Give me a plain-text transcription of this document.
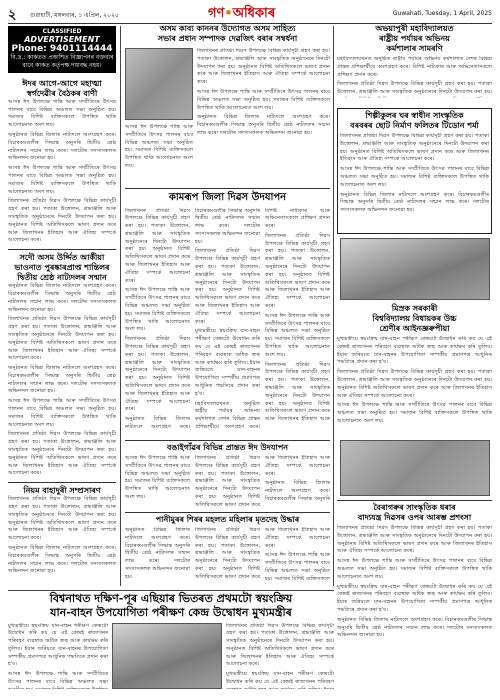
২ গুৱাহাটী, মঙ্গলবাৰ, ১ এপ্ৰিল, ২০২৫	গণ•অধিকাৰ	Guwahati, Tuesday, 1 April, 2025
CLASSIFIED
ADVERTISEMENT
Phone: 9401114444
বি.দ্ৰ.: কাকতত প্ৰকাশিত বিজ্ঞাপনৰ বক্তব্যৰ বাবে কাকত কৰ্তৃপক্ষ দায়বদ্ধ নহয়।
ঈদৰ আগে-আগে মহাত্মা স্বৰ্গদেৱীৰ বৈঠকৰ বাণী

আসন্ন ঈদ উপলক্ষে শান্তি আৰু সম্প্ৰীতিৰে উৎসৱ পালনৰ বাবে বিভিন্ন অঞ্চলত সভা অনুষ্ঠিত হয়। সমাজৰ বিশিষ্ট ব্যক্তিসকলে উপস্থিত থাকি আলোচনাত অংশ লয়।

অনুষ্ঠানত বিভিন্ন জিলাৰ নাট্যদলে অংশগ্ৰহণ কৰে। বিচাৰকমণ্ডলীৰ সিদ্ধান্ত অনুসৰি দ্বিতীয় শ্ৰেষ্ঠ নাট্যদলৰ সন্মান লাভ কৰে। দলটোৰ সদস্যসকলক অভিনন্দন জনোৱা হয়।

আসন্ন ঈদ উপলক্ষে শান্তি আৰু সম্প্ৰীতিৰে উৎসৱ পালনৰ বাবে বিভিন্ন অঞ্চলত সভা অনুষ্ঠিত হয়। সমাজৰ বিশিষ্ট ব্যক্তিসকলে উপস্থিত থাকি আলোচনাত অংশ লয়।

জিলাখনৰ প্ৰতিষ্ঠা দিৱস উপলক্ষে বিভিন্ন কাৰ্যসূচী গ্ৰহণ কৰা হয়। পতাকা উত্তোলন, শ্ৰদ্ধাঞ্জলি আৰু সাংস্কৃতিক অনুষ্ঠানেৰে দিনটো উদযাপন কৰা হয়। অনুষ্ঠানত বিশিষ্ট অতিথিসকলে ভাষণ প্ৰদান কৰে আৰু জিলাখনৰ ইতিহাস আৰু ঐতিহ্য সম্পৰ্কে আলোচনা কৰে।

সদৌ অসম উৰ্দ্দিত আৰ্কীয়া ভাওনাত পুৰষ্কাৰপ্ৰাপ্ত শান্তিলৰ দ্বিতীয় শ্ৰেষ্ঠ নাট্যদলৰ সন্মান

অনুষ্ঠানত বিভিন্ন জিলাৰ নাট্যদলে অংশগ্ৰহণ কৰে। বিচাৰকমণ্ডলীৰ সিদ্ধান্ত অনুসৰি দ্বিতীয় শ্ৰেষ্ঠ নাট্যদলৰ সন্মান লাভ কৰে। দলটোৰ সদস্যসকলক অভিনন্দন জনোৱা হয়।

জিলাখনৰ প্ৰতিষ্ঠা দিৱস উপলক্ষে বিভিন্ন কাৰ্যসূচী গ্ৰহণ কৰা হয়। পতাকা উত্তোলন, শ্ৰদ্ধাঞ্জলি আৰু সাংস্কৃতিক অনুষ্ঠানেৰে দিনটো উদযাপন কৰা হয়। অনুষ্ঠানত বিশিষ্ট অতিথিসকলে ভাষণ প্ৰদান কৰে আৰু জিলাখনৰ ইতিহাস আৰু ঐতিহ্য সম্পৰ্কে আলোচনা কৰে।

অনুষ্ঠানত বিভিন্ন জিলাৰ নাট্যদলে অংশগ্ৰহণ কৰে। বিচাৰকমণ্ডলীৰ সিদ্ধান্ত অনুসৰি দ্বিতীয় শ্ৰেষ্ঠ নাট্যদলৰ সন্মান লাভ কৰে। দলটোৰ সদস্যসকলক অভিনন্দন জনোৱা হয়।

আসন্ন ঈদ উপলক্ষে শান্তি আৰু সম্প্ৰীতিৰে উৎসৱ পালনৰ বাবে বিভিন্ন অঞ্চলত সভা অনুষ্ঠিত হয়। সমাজৰ বিশিষ্ট ব্যক্তিসকলে উপস্থিত থাকি আলোচনাত অংশ লয়।

জিলাখনৰ প্ৰতিষ্ঠা দিৱস উপলক্ষে বিভিন্ন কাৰ্যসূচী গ্ৰহণ কৰা হয়। পতাকা উত্তোলন, শ্ৰদ্ধাঞ্জলি আৰু সাংস্কৃতিক অনুষ্ঠানেৰে দিনটো উদযাপন কৰা হয়। অনুষ্ঠানত বিশিষ্ট অতিথিসকলে ভাষণ প্ৰদান কৰে আৰু জিলাখনৰ ইতিহাস আৰু ঐতিহ্য সম্পৰ্কে আলোচনা কৰে।

নিয়ম বাহাদুৰী সম্প্ৰসাৰণ

জিলাখনৰ প্ৰতিষ্ঠা দিৱস উপলক্ষে বিভিন্ন কাৰ্যসূচী গ্ৰহণ কৰা হয়। পতাকা উত্তোলন, শ্ৰদ্ধাঞ্জলি আৰু সাংস্কৃতিক অনুষ্ঠানেৰে দিনটো উদযাপন কৰা হয়। অনুষ্ঠানত বিশিষ্ট অতিথিসকলে ভাষণ প্ৰদান কৰে আৰু জিলাখনৰ ইতিহাস আৰু ঐতিহ্য সম্পৰ্কে আলোচনা কৰে।

অনুষ্ঠানত বিভিন্ন জিলাৰ নাট্যদলে অংশগ্ৰহণ কৰে। বিচাৰকমণ্ডলীৰ সিদ্ধান্ত অনুসৰি দ্বিতীয় শ্ৰেষ্ঠ নাট্যদলৰ সন্মান লাভ কৰে। দলটোৰ সদস্যসকলক অভিনন্দন জনোৱা হয়।

অসম কাব্য কাননৰ উদ্যোগত অসম সাহিত্য
সভাৰ প্ৰধান সম্পাদক দেৱজিৎ বৰাৰ সম্বৰ্ধনা

জিলাখনৰ প্ৰতিষ্ঠা দিৱস উপলক্ষে বিভিন্ন কাৰ্যসূচী গ্ৰহণ কৰা হয়। পতাকা উত্তোলন, শ্ৰদ্ধাঞ্জলি আৰু সাংস্কৃতিক অনুষ্ঠানেৰে দিনটো উদযাপন কৰা হয়। অনুষ্ঠানত বিশিষ্ট অতিথিসকলে ভাষণ প্ৰদান কৰে আৰু জিলাখনৰ ইতিহাস আৰু ঐতিহ্য সম্পৰ্কে আলোচনা কৰে।

আসন্ন ঈদ উপলক্ষে শান্তি আৰু সম্প্ৰীতিৰে উৎসৱ পালনৰ বাবে বিভিন্ন অঞ্চলত সভা অনুষ্ঠিত হয়। সমাজৰ বিশিষ্ট ব্যক্তিসকলে উপস্থিত থাকি আলোচনাত অংশ লয়।

অনুষ্ঠানত বিভিন্ন জিলাৰ নাট্যদলে অংশগ্ৰহণ কৰে। বিচাৰকমণ্ডলীৰ সিদ্ধান্ত অনুসৰি দ্বিতীয় শ্ৰেষ্ঠ নাট্যদলৰ সন্মান লাভ কৰে। দলটোৰ সদস্যসকলক অভিনন্দন জনোৱা হয়।

আসন্ন ঈদ উপলক্ষে শান্তি আৰু সম্প্ৰীতিৰে উৎসৱ পালনৰ বাবে বিভিন্ন অঞ্চলত সভা অনুষ্ঠিত হয়। সমাজৰ বিশিষ্ট ব্যক্তিসকলে উপস্থিত থাকি আলোচনাত অংশ লয়।

কামৰূপ জিলা দিৱস উদযাপন

জিলাখনৰ প্ৰতিষ্ঠা দিৱস উপলক্ষে বিভিন্ন কাৰ্যসূচী গ্ৰহণ কৰা হয়। পতাকা উত্তোলন, শ্ৰদ্ধাঞ্জলি আৰু সাংস্কৃতিক অনুষ্ঠানেৰে দিনটো উদযাপন কৰা হয়। অনুষ্ঠানত বিশিষ্ট অতিথিসকলে ভাষণ প্ৰদান কৰে আৰু জিলাখনৰ ইতিহাস আৰু ঐতিহ্য সম্পৰ্কে আলোচনা কৰে।

আসন্ন ঈদ উপলক্ষে শান্তি আৰু সম্প্ৰীতিৰে উৎসৱ পালনৰ বাবে বিভিন্ন অঞ্চলত সভা অনুষ্ঠিত হয়। সমাজৰ বিশিষ্ট ব্যক্তিসকলে উপস্থিত থাকি আলোচনাত অংশ লয়।

জিলাখনৰ প্ৰতিষ্ঠা দিৱস উপলক্ষে বিভিন্ন কাৰ্যসূচী গ্ৰহণ কৰা হয়। পতাকা উত্তোলন, শ্ৰদ্ধাঞ্জলি আৰু সাংস্কৃতিক অনুষ্ঠানেৰে দিনটো উদযাপন কৰা হয়। অনুষ্ঠানত বিশিষ্ট অতিথিসকলে ভাষণ প্ৰদান কৰে আৰু জিলাখনৰ ইতিহাস আৰু ঐতিহ্য সম্পৰ্কে আলোচনা কৰে।

অনুষ্ঠানত বিভিন্ন জিলাৰ নাট্যদলে অংশগ্ৰহণ কৰে। বিচাৰকমণ্ডলীৰ সিদ্ধান্ত অনুসৰি দ্বিতীয় শ্ৰেষ্ঠ নাট্যদলৰ সন্মান লাভ কৰে। দলটোৰ সদস্যসকলক অভিনন্দন জনোৱা হয়।

জিলাখনৰ প্ৰতিষ্ঠা দিৱস উপলক্ষে বিভিন্ন কাৰ্যসূচী গ্ৰহণ কৰা হয়। পতাকা উত্তোলন, শ্ৰদ্ধাঞ্জলি আৰু সাংস্কৃতিক অনুষ্ঠানেৰে দিনটো উদযাপন কৰা হয়। অনুষ্ঠানত বিশিষ্ট অতিথিসকলে ভাষণ প্ৰদান কৰে আৰু জিলাখনৰ ইতিহাস আৰু ঐতিহ্য সম্পৰ্কে আলোচনা কৰে।

মুখ্যমন্ত্ৰীয়ে স্বয়ংক্ৰিয় যান-বাহন পৰীক্ষণ কেন্দ্ৰটো উদ্বোধন কৰি কয় যে এই কেন্দ্ৰই ৰাজ্যখনৰ পৰিবহণ ব্যৱস্থাক অধিক স্বচ্ছ আৰু কাৰ্যক্ষম কৰি তুলিব। ইয়াৰ জৰিয়তে যান-বাহনৰ উপযোগিতা সম্পৰ্কীয় প্ৰমাণপত্ৰ আধুনিক পদ্ধতিৰে প্ৰদান কৰা হ'ব।

মহাবিদ্যালয়খনত অনুষ্ঠিত ৰাষ্ট্ৰীয় পৰ্যায়ৰ অভিনয় কৰ্মশালাত দেশৰ বিভিন্ন প্ৰান্তৰ প্ৰশিক্ষাৰ্থীয়ে অংশগ্ৰহণ কৰে। বিশিষ্ট নাট্যকাৰ আৰু অভিনেতাসকলে প্ৰশিক্ষণ প্ৰদান কৰে।

জিলাখনৰ প্ৰতিষ্ঠা দিৱস উপলক্ষে বিভিন্ন কাৰ্যসূচী গ্ৰহণ কৰা হয়। পতাকা উত্তোলন, শ্ৰদ্ধাঞ্জলি আৰু সাংস্কৃতিক অনুষ্ঠানেৰে দিনটো উদযাপন কৰা হয়। অনুষ্ঠানত বিশিষ্ট অতিথিসকলে ভাষণ প্ৰদান কৰে আৰু জিলাখনৰ ইতিহাস আৰু ঐতিহ্য সম্পৰ্কে আলোচনা কৰে।

আসন্ন ঈদ উপলক্ষে শান্তি আৰু সম্প্ৰীতিৰে উৎসৱ পালনৰ বাবে বিভিন্ন অঞ্চলত সভা অনুষ্ঠিত হয়। সমাজৰ বিশিষ্ট ব্যক্তিসকলে উপস্থিত থাকি আলোচনাত অংশ লয়।

জিলাখনৰ প্ৰতিষ্ঠা দিৱস উপলক্ষে বিভিন্ন কাৰ্যসূচী গ্ৰহণ কৰা হয়। পতাকা উত্তোলন, শ্ৰদ্ধাঞ্জলি আৰু সাংস্কৃতিক অনুষ্ঠানেৰে দিনটো উদযাপন কৰা হয়। অনুষ্ঠানত বিশিষ্ট অতিথিসকলে ভাষণ প্ৰদান কৰে আৰু জিলাখনৰ ইতিহাস আৰু

বঙাইগাঁৱৰ বিভিন্ন প্ৰান্তত ঈদ উদযাপন

আসন্ন ঈদ উপলক্ষে শান্তি আৰু সম্প্ৰীতিৰে উৎসৱ পালনৰ বাবে বিভিন্ন অঞ্চলত সভা অনুষ্ঠিত হয়। সমাজৰ বিশিষ্ট ব্যক্তিসকলে উপস্থিত থাকি আলোচনাত অংশ লয়।

জিলাখনৰ প্ৰতিষ্ঠা দিৱস উপলক্ষে বিভিন্ন কাৰ্যসূচী গ্ৰহণ কৰা হয়। পতাকা উত্তোলন, শ্ৰদ্ধাঞ্জলি আৰু সাংস্কৃতিক অনুষ্ঠানেৰে দিনটো উদযাপন কৰা হয়। অনুষ্ঠানত বিশিষ্ট অতিথিসকলে ভাষণ প্ৰদান কৰে আৰু জিলাখনৰ ইতিহাস আৰু ঐতিহ্য সম্পৰ্কে আলোচনা কৰে।

অনুষ্ঠানত বিভিন্ন জিলাৰ নাট্যদলে অংশগ্ৰহণ কৰে। বিচাৰকমণ্ডলীৰ সিদ্ধান্ত অনুসৰি

পানীমুৰৰ শিৰৰ মহলত মহিলাৰ মৃতদেহ উদ্ধাৰ

অনুষ্ঠানত বিভিন্ন জিলাৰ নাট্যদলে অংশগ্ৰহণ কৰে। বিচাৰকমণ্ডলীৰ সিদ্ধান্ত অনুসৰি দ্বিতীয় শ্ৰেষ্ঠ নাট্যদলৰ সন্মান লাভ কৰে। দলটোৰ সদস্যসকলক অভিনন্দন জনোৱা হয়।

জিলাখনৰ প্ৰতিষ্ঠা দিৱস উপলক্ষে বিভিন্ন কাৰ্যসূচী গ্ৰহণ কৰা হয়। পতাকা উত্তোলন, শ্ৰদ্ধাঞ্জলি আৰু সাংস্কৃতিক অনুষ্ঠানেৰে দিনটো উদযাপন কৰা হয়। অনুষ্ঠানত বিশিষ্ট অতিথিসকলে ভাষণ প্ৰদান কৰে আৰু জিলাখনৰ ইতিহাস আৰু ঐতিহ্য সম্পৰ্কে আলোচনা কৰে।

আসন্ন ঈদ উপলক্ষে শান্তি আৰু সম্প্ৰীতিৰে উৎসৱ পালনৰ বাবে বিভিন্ন অঞ্চলত সভা অনুষ্ঠিত হয়। সমাজৰ বিশিষ্ট ব্যক্তিসকলে

অভয়াপুৰী মহাবিদ্যালয়ত
ৰাষ্ট্ৰীয় পৰ্যায়ৰ অভিনয়
কৰ্মশালাৰ সামৰণি

মহাবিদ্যালয়খনত অনুষ্ঠিত ৰাষ্ট্ৰীয় পৰ্যায়ৰ অভিনয় কৰ্মশালাত দেশৰ বিভিন্ন প্ৰান্তৰ প্ৰশিক্ষাৰ্থীয়ে অংশগ্ৰহণ কৰে। বিশিষ্ট নাট্যকাৰ আৰু অভিনেতাসকলে প্ৰশিক্ষণ প্ৰদান কৰে।

জিলাখনৰ প্ৰতিষ্ঠা দিৱস উপলক্ষে বিভিন্ন কাৰ্যসূচী গ্ৰহণ কৰা হয়। পতাকা উত্তোলন, শ্ৰদ্ধাঞ্জলি আৰু সাংস্কৃতিক অনুষ্ঠানেৰে দিনটো উদযাপন কৰা হয়।

শিল্পীকুলৰ ঘৰ স্বাধীন সাংস্কৃতিক
বৰবৰৰ ছোট নিৰ্মাণ ফলিতৰ টিডোন শৰ্মা

জিলাখনৰ প্ৰতিষ্ঠা দিৱস উপলক্ষে বিভিন্ন কাৰ্যসূচী গ্ৰহণ কৰা হয়। পতাকা উত্তোলন, শ্ৰদ্ধাঞ্জলি আৰু সাংস্কৃতিক অনুষ্ঠানেৰে দিনটো উদযাপন কৰা হয়। অনুষ্ঠানত বিশিষ্ট অতিথিসকলে ভাষণ প্ৰদান কৰে আৰু জিলাখনৰ ইতিহাস আৰু ঐতিহ্য সম্পৰ্কে আলোচনা কৰে।

আসন্ন ঈদ উপলক্ষে শান্তি আৰু সম্প্ৰীতিৰে উৎসৱ পালনৰ বাবে বিভিন্ন অঞ্চলত সভা অনুষ্ঠিত হয়। সমাজৰ বিশিষ্ট ব্যক্তিসকলে উপস্থিত থাকি আলোচনাত অংশ লয়।

অনুষ্ঠানত বিভিন্ন জিলাৰ নাট্যদলে অংশগ্ৰহণ কৰে। বিচাৰকমণ্ডলীৰ সিদ্ধান্ত অনুসৰি দ্বিতীয় শ্ৰেষ্ঠ নাট্যদলৰ সন্মান লাভ কৰে। দলটোৰ সদস্যসকলক অভিনন্দন জনোৱা হয়।

মিস্ৰক সৰকাৰী
বিশ্ববিদ্যালয় বিধায়কৰ উচ্চ
শ্ৰেণীৰ আইনজ্ঞৰুপীয়া

মুখ্যমন্ত্ৰীয়ে স্বয়ংক্ৰিয় যান-বাহন পৰীক্ষণ কেন্দ্ৰটো উদ্বোধন কৰি কয় যে এই কেন্দ্ৰই ৰাজ্যখনৰ পৰিবহণ ব্যৱস্থাক অধিক স্বচ্ছ আৰু কাৰ্যক্ষম কৰি তুলিব। ইয়াৰ জৰিয়তে যান-বাহনৰ উপযোগিতা সম্পৰ্কীয় প্ৰমাণপত্ৰ আধুনিক পদ্ধতিৰে প্ৰদান কৰা হ'ব।

জিলাখনৰ প্ৰতিষ্ঠা দিৱস উপলক্ষে বিভিন্ন কাৰ্যসূচী গ্ৰহণ কৰা হয়। পতাকা উত্তোলন, শ্ৰদ্ধাঞ্জলি আৰু সাংস্কৃতিক অনুষ্ঠানেৰে দিনটো উদযাপন কৰা হয়। অনুষ্ঠানত বিশিষ্ট অতিথিসকলে ভাষণ প্ৰদান কৰে আৰু জিলাখনৰ ইতিহাস আৰু ঐতিহ্য সম্পৰ্কে আলোচনা কৰে।

আসন্ন ঈদ উপলক্ষে শান্তি আৰু সম্প্ৰীতিৰে উৎসৱ পালনৰ বাবে বিভিন্ন অঞ্চলত সভা অনুষ্ঠিত হয়। সমাজৰ বিশিষ্ট ব্যক্তিসকলে উপস্থিত থাকি আলোচনাত অংশ লয়।

বৈৰাগৰুৰ সাংস্কৃতিক ধৰাৰ
বাদ্যযন্ত্ৰ দিৱসৰ ওপৰ আৰম্ভ প্ৰশংসা

জিলাখনৰ প্ৰতিষ্ঠা দিৱস উপলক্ষে বিভিন্ন কাৰ্যসূচী গ্ৰহণ কৰা হয়। পতাকা উত্তোলন, শ্ৰদ্ধাঞ্জলি আৰু সাংস্কৃতিক অনুষ্ঠানেৰে দিনটো উদযাপন কৰা হয়। অনুষ্ঠানত বিশিষ্ট অতিথিসকলে ভাষণ প্ৰদান কৰে আৰু জিলাখনৰ ইতিহাস আৰু ঐতিহ্য সম্পৰ্কে আলোচনা কৰে।

আসন্ন ঈদ উপলক্ষে শান্তি আৰু সম্প্ৰীতিৰে উৎসৱ পালনৰ বাবে বিভিন্ন অঞ্চলত সভা অনুষ্ঠিত হয়। সমাজৰ বিশিষ্ট ব্যক্তিসকলে উপস্থিত থাকি আলোচনাত অংশ লয়।

মুখ্যমন্ত্ৰীয়ে স্বয়ংক্ৰিয় যান-বাহন পৰীক্ষণ কেন্দ্ৰটো উদ্বোধন কৰি কয় যে এই কেন্দ্ৰই ৰাজ্যখনৰ পৰিবহণ ব্যৱস্থাক অধিক স্বচ্ছ আৰু কাৰ্যক্ষম কৰি তুলিব। ইয়াৰ জৰিয়তে যান-বাহনৰ উপযোগিতা সম্পৰ্কীয় প্ৰমাণপত্ৰ আধুনিক পদ্ধতিৰে প্ৰদান কৰা হ'ব।

অনুষ্ঠানত বিভিন্ন জিলাৰ নাট্যদলে অংশগ্ৰহণ কৰে। বিচাৰকমণ্ডলীৰ সিদ্ধান্ত অনুসৰি দ্বিতীয় শ্ৰেষ্ঠ নাট্যদলৰ সন্মান লাভ কৰে। দলটোৰ সদস্যসকলক অভিনন্দন জনোৱা হয়।

বিশ্বনাথত দক্ষিণ-পূৰ এছিয়াৰ ভিতৰত প্ৰথমটো স্বয়ংক্ৰিয়
যান-বাহন উপযোগিতা পৰীক্ষণ কেন্দ্ৰ উদ্বোধন মুখ্যমন্ত্ৰীৰ

মুখ্যমন্ত্ৰীয়ে স্বয়ংক্ৰিয় যান-বাহন পৰীক্ষণ কেন্দ্ৰটো উদ্বোধন কৰি কয় যে এই কেন্দ্ৰই ৰাজ্যখনৰ পৰিবহণ ব্যৱস্থাক অধিক স্বচ্ছ আৰু কাৰ্যক্ষম কৰি তুলিব। ইয়াৰ জৰিয়তে যান-বাহনৰ উপযোগিতা সম্পৰ্কীয় প্ৰমাণপত্ৰ আধুনিক পদ্ধতিৰে প্ৰদান কৰা হ'ব।

আসন্ন ঈদ উপলক্ষে শান্তি আৰু সম্প্ৰীতিৰে উৎসৱ পালনৰ বাবে বিভিন্ন অঞ্চলত সভা

জিলাখনৰ প্ৰতিষ্ঠা দিৱস উপলক্ষে বিভিন্ন কাৰ্যসূচী গ্ৰহণ কৰা হয়। পতাকা উত্তোলন, শ্ৰদ্ধাঞ্জলি আৰু সাংস্কৃতিক অনুষ্ঠানেৰে দিনটো উদযাপন কৰা হয়। অনুষ্ঠানত বিশিষ্ট অতিথিসকলে ভাষণ প্ৰদান কৰে আৰু জিলাখনৰ ইতিহাস আৰু ঐতিহ্য সম্পৰ্কে আলোচনা কৰে।

মুখ্যমন্ত্ৰীয়ে স্বয়ংক্ৰিয় যান-বাহন পৰীক্ষণ কেন্দ্ৰটো উদ্বোধন কৰি কয় যে এই কেন্দ্ৰই ৰাজ্যখনৰ পৰিবহণ
